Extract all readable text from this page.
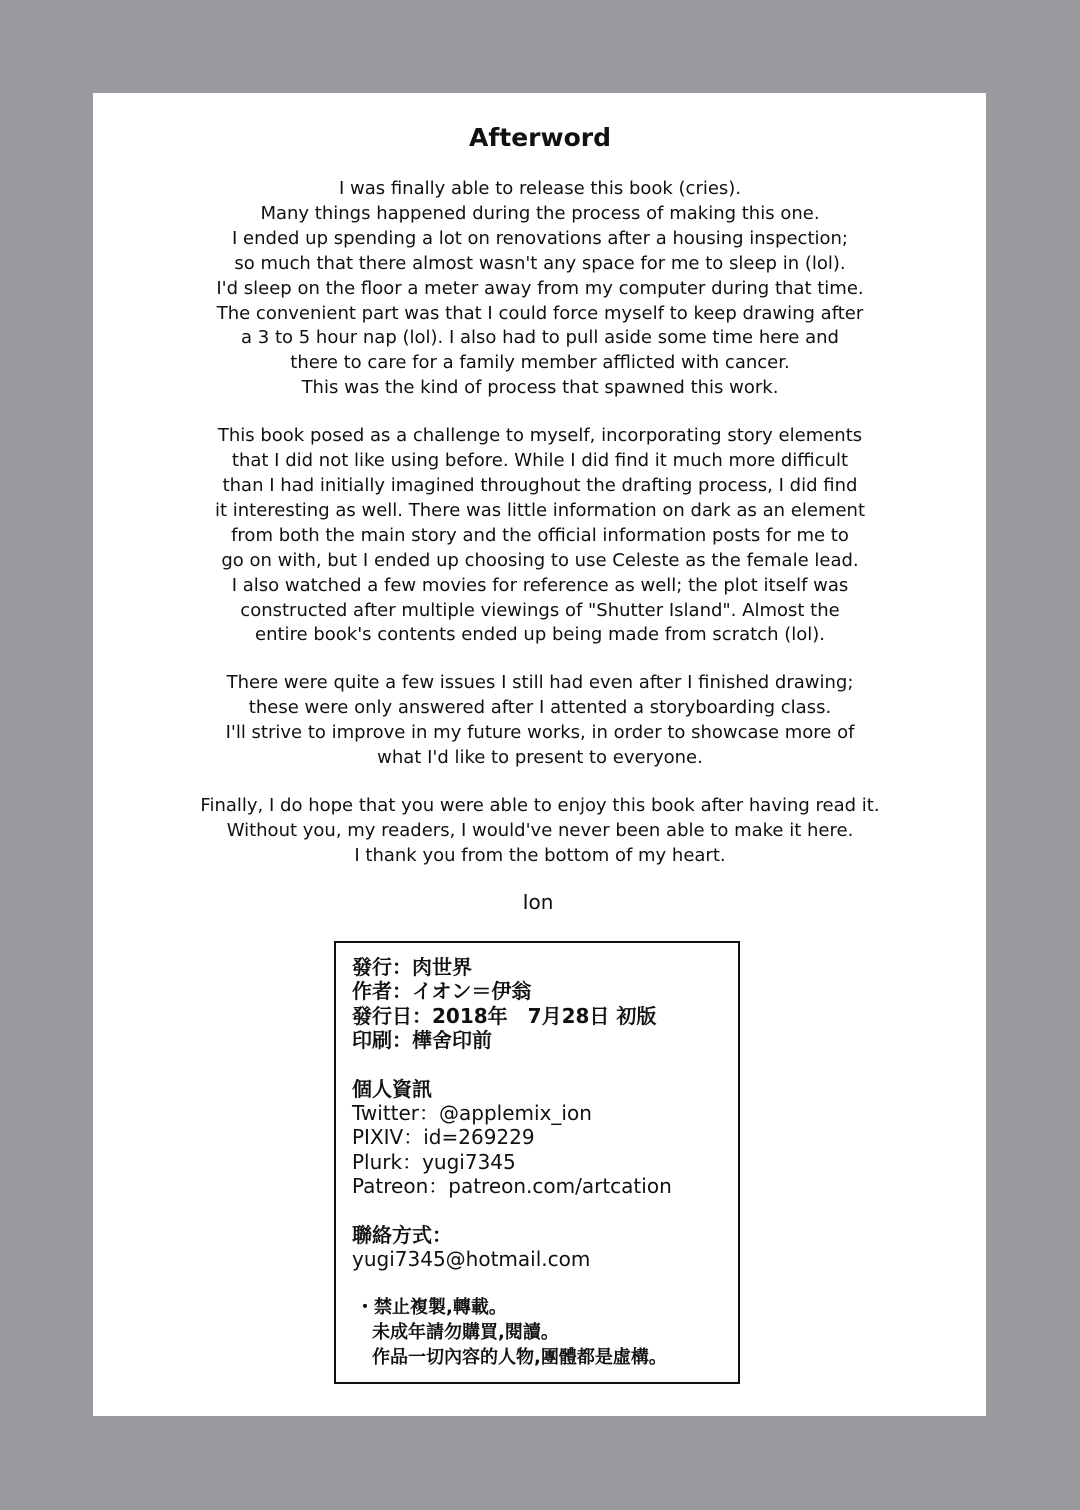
Afterword
I was finally able to release this book (cries).
Many things happened during the process of making this one.
I ended up spending a lot on renovations after a housing inspection;
so much that there almost wasn't any space for me to sleep in (lol).
I'd sleep on the floor a meter away from my computer during that time.
The convenient part was that I could force myself to keep drawing after
a 3 to 5 hour nap (lol). I also had to pull aside some time here and
there to care for a family member afflicted with cancer.
This was the kind of process that spawned this work.
This book posed as a challenge to myself, incorporating story elements
that I did not like using before. While I did find it much more difficult
than I had initially imagined throughout the drafting process, I did find
it interesting as well. There was little information on dark as an element
from both the main story and the official information posts for me to
go on with, but I ended up choosing to use Celeste as the female lead.
I also watched a few movies for reference as well; the plot itself was
constructed after multiple viewings of "Shutter Island". Almost the
entire book's contents ended up being made from scratch (lol).
There were quite a few issues I still had even after I finished drawing;
these were only answered after I attented a storyboarding class.
I'll strive to improve in my future works, in order to showcase more of
what I'd like to present to everyone.
Finally, I do hope that you were able to enjoy this book after having read it.
Without you, my readers, I would've never been able to make it here.
I thank you from the bottom of my heart.
Ion
發行：肉世界
作者：イオン＝伊翁
發行日：2018年　7月28日 初版
印刷：樺舍印前
個人資訊
Twitter：@applemix_ion
PIXIV：id=269229
Plurk：yugi7345
Patreon：patreon.com/artcation
聯絡方式：
yugi7345@hotmail.com
・禁止複製,轉載。
未成年請勿購買,閱讀。
作品一切內容的人物,團體都是虛構。
